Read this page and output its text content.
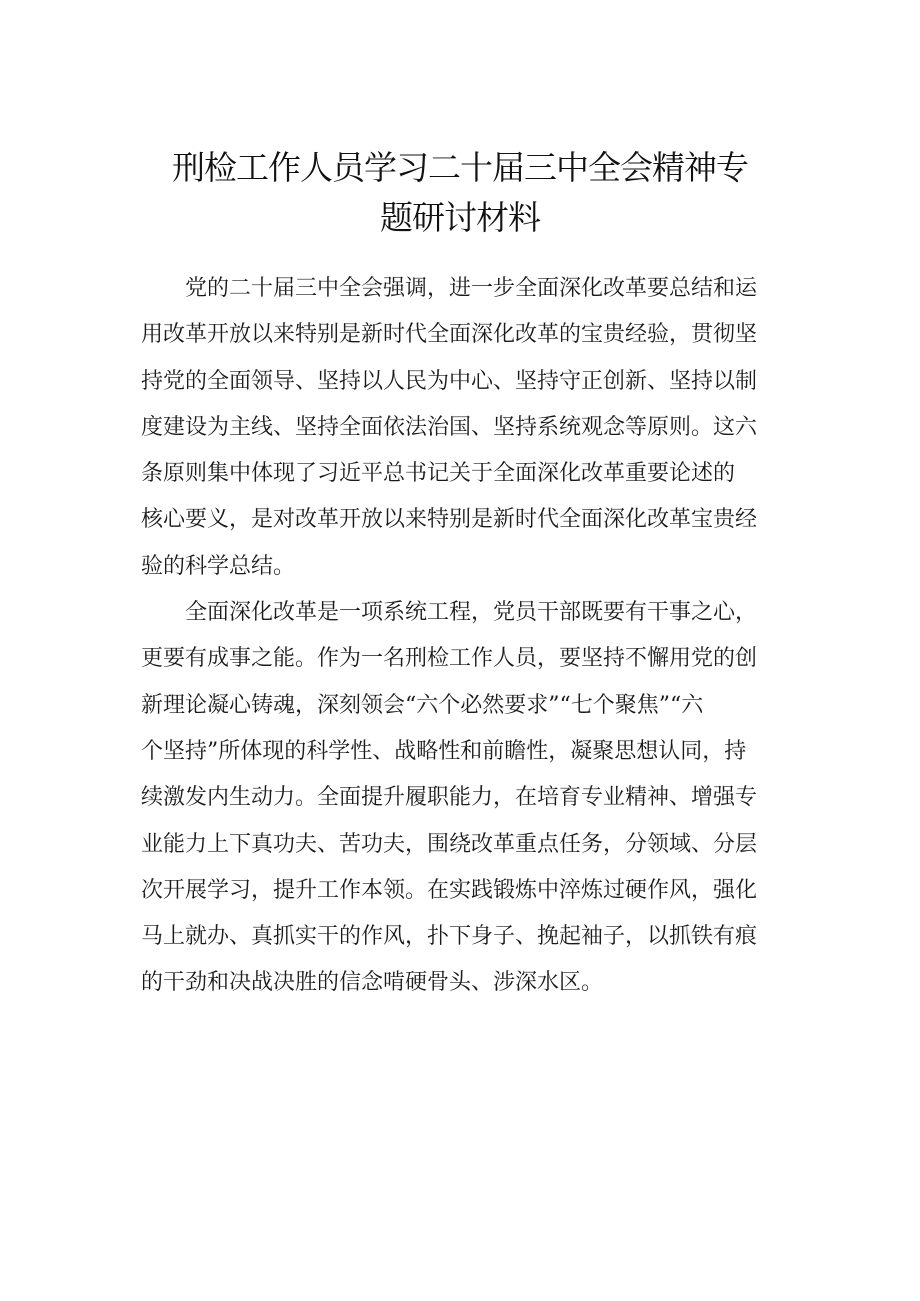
刑检工作人员学习二十届三中全会精神专
题研讨材料
　　党的二十届三中全会强调，进一步全面深化改革要总结和运
用改革开放以来特别是新时代全面深化改革的宝贵经验，贯彻坚
持党的全面领导、坚持以人民为中心、坚持守正创新、坚持以制
度建设为主线、坚持全面依法治国、坚持系统观念等原则。这六
条原则集中体现了习近平总书记关于全面深化改革重要论述的
核心要义，是对改革开放以来特别是新时代全面深化改革宝贵经
验的科学总结。
　　全面深化改革是一项系统工程，党员干部既要有干事之心，
更要有成事之能。作为一名刑检工作人员，要坚持不懈用党的创
新理论凝心铸魂，深刻领会“六个必然要求”“七个聚焦”“六
个坚持”所体现的科学性、战略性和前瞻性，凝聚思想认同，持
续激发内生动力。全面提升履职能力，在培育专业精神、增强专
业能力上下真功夫、苦功夫，围绕改革重点任务，分领域、分层
次开展学习，提升工作本领。在实践锻炼中淬炼过硬作风，强化
马上就办、真抓实干的作风，扑下身子、挽起袖子，以抓铁有痕
的干劲和决战决胜的信念啃硬骨头、涉深水区。
